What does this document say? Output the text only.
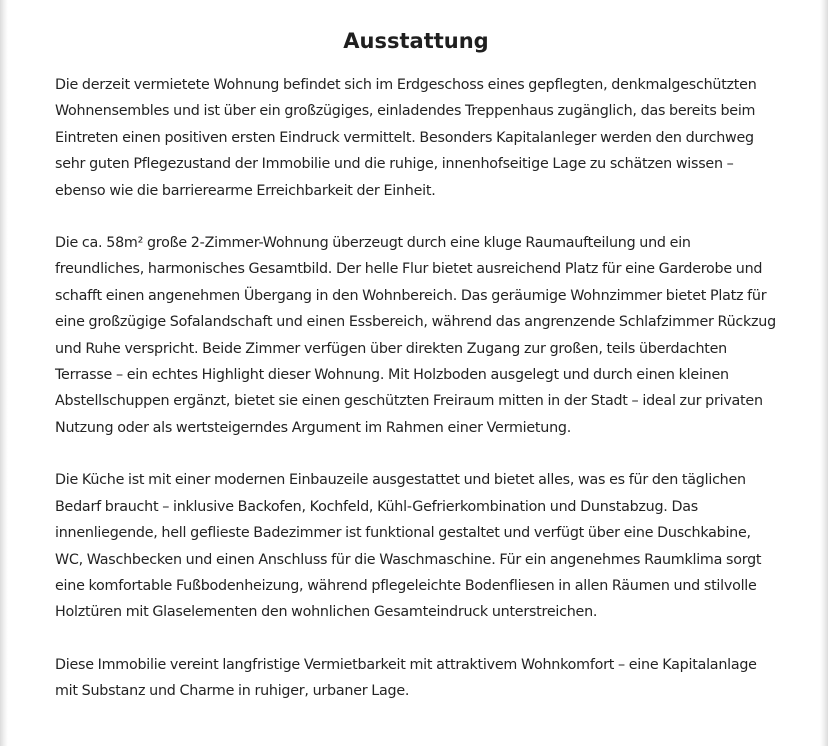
Ausstattung

Die derzeit vermietete Wohnung befindet sich im Erdgeschoss eines gepflegten, denkmalgeschützten Wohnensembles und ist über ein großzügiges, einladendes Treppenhaus zugänglich, das bereits beim Eintreten einen positiven ersten Eindruck vermittelt. Besonders Kapitalanleger werden den durchweg sehr guten Pflegezustand der Immobilie und die ruhige, innenhofseitige Lage zu schätzen wissen – ebenso wie die barrierearme Erreichbarkeit der Einheit.

Die ca. 58m² große 2-Zimmer-Wohnung überzeugt durch eine kluge Raumaufteilung und ein freundliches, harmonisches Gesamtbild. Der helle Flur bietet ausreichend Platz für eine Garderobe und schafft einen angenehmen Übergang in den Wohnbereich. Das geräumige Wohnzimmer bietet Platz für eine großzügige Sofalandschaft und einen Essbereich, während das angrenzende Schlafzimmer Rückzug und Ruhe verspricht. Beide Zimmer verfügen über direkten Zugang zur großen, teils überdachten Terrasse – ein echtes Highlight dieser Wohnung. Mit Holzboden ausgelegt und durch einen kleinen Abstellschuppen ergänzt, bietet sie einen geschützten Freiraum mitten in der Stadt – ideal zur privaten Nutzung oder als wertsteigerndes Argument im Rahmen einer Vermietung.

Die Küche ist mit einer modernen Einbauzeile ausgestattet und bietet alles, was es für den täglichen Bedarf braucht – inklusive Backofen, Kochfeld, Kühl-Gefrierkombination und Dunstabzug. Das innenliegende, hell geflieste Badezimmer ist funktional gestaltet und verfügt über eine Duschkabine, WC, Waschbecken und einen Anschluss für die Waschmaschine. Für ein angenehmes Raumklima sorgt eine komfortable Fußbodenheizung, während pflegeleichte Bodenfliesen in allen Räumen und stilvolle Holztüren mit Glaselementen den wohnlichen Gesamteindruck unterstreichen.

Diese Immobilie vereint langfristige Vermietbarkeit mit attraktivem Wohnkomfort – eine Kapitalanlage mit Substanz und Charme in ruhiger, urbaner Lage.
